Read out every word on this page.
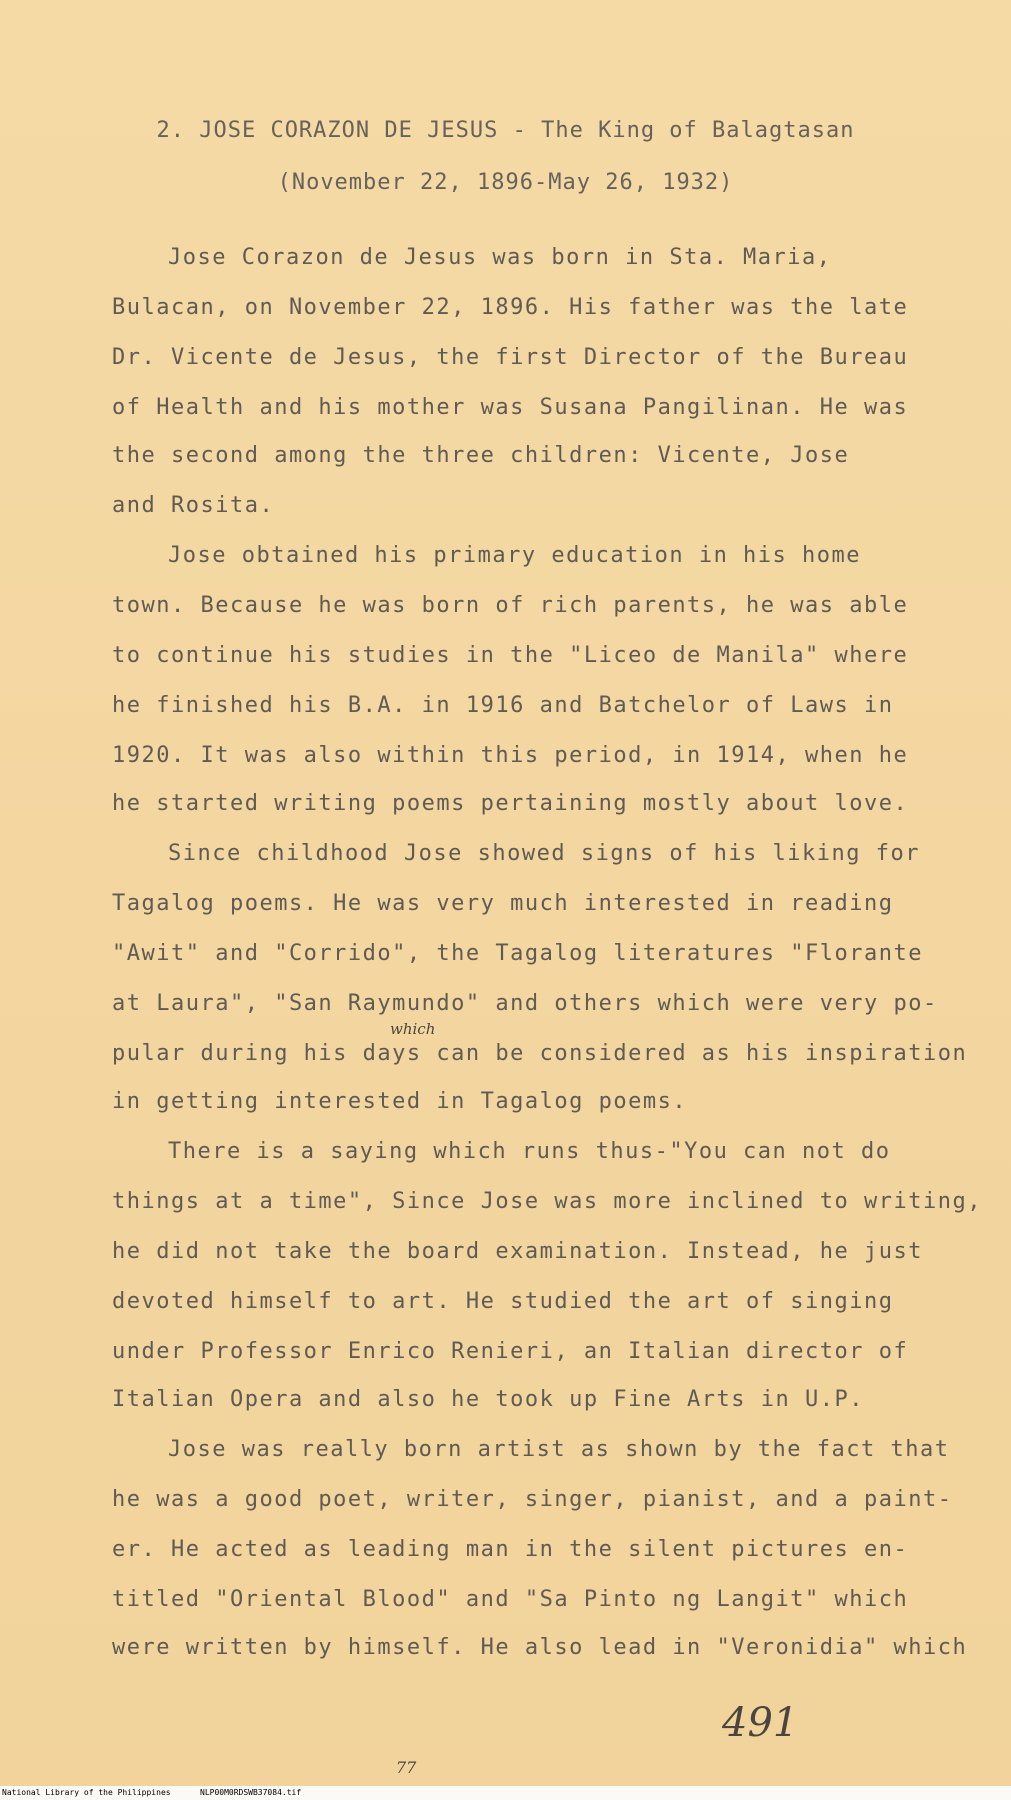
2. JOSE CORAZON DE JESUS - The King of Balagtasan
(November 22, 1896-May 26, 1932)
Jose Corazon de Jesus was born in Sta. Maria,
Bulacan, on November 22, 1896. His father was the late
Dr. Vicente de Jesus, the first Director of the Bureau
of Health and his mother was Susana Pangilinan. He was
the second among the three children: Vicente, Jose
and Rosita.
Jose obtained his primary education in his home
town. Because he was born of rich parents, he was able
to continue his studies in the "Liceo de Manila" where
he finished his B.A. in 1916 and Batchelor of Laws in
1920. It was also within this period, in 1914, when he
he started writing poems pertaining mostly about love.
Since childhood Jose showed signs of his liking for
Tagalog poems. He was very much interested in reading
"Awit" and "Corrido", the Tagalog literatures "Florante
at Laura", "San Raymundo" and others which were very po-
pular during his days can be considered as his inspiration
in getting interested in Tagalog poems.
There is a saying which runs thus-"You can not do
things at a time", Since Jose was more inclined to writing,
he did not take the board examination. Instead, he just
devoted himself to art. He studied the art of singing
under Professor Enrico Renieri, an Italian director of
Italian Opera and also he took up Fine Arts in U.P.
Jose was really born artist as shown by the fact that
he was a good poet, writer, singer, pianist, and a paint-
er. He acted as leading man in the silent pictures en-
titled "Oriental Blood" and "Sa Pinto ng Langit" which
were written by himself. He also lead in "Veronidia" which
which
491
77
National Library of the Philippines	NLP00M0RDSWB37084.tif
